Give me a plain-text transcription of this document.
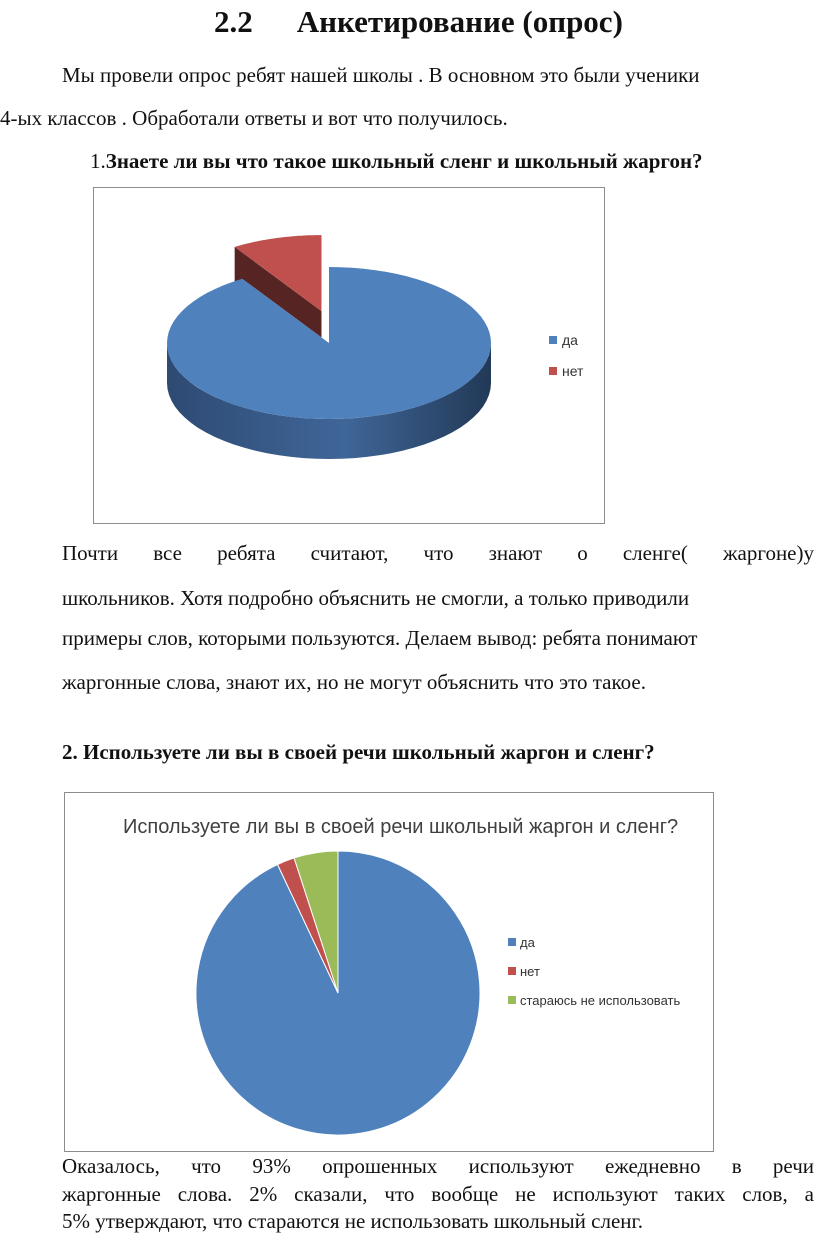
2.2 Анкетирование (опрос)
Мы провели опрос ребят нашей школы . В основном это были ученики
4-ых классов . Обработали ответы и вот что получилось.
1.Знаете ли вы что такое школьный сленг и школьный жаргон?
да
нет
Почти все ребята считают, что знают о сленге( жаргоне)у
школьников. Хотя подробно объяснить не смогли, а только приводили
примеры слов, которыми пользуются. Делаем вывод: ребята понимают
жаргонные слова, знают их, но не могут объяснить что это такое.
2. Используете ли вы в своей речи школьный жаргон и сленг?
Используете ли вы в своей речи школьный жаргон и сленг?
да
нет
стараюсь не использовать
Оказалось, что 93% опрошенных используют ежедневно в речи
жаргонные слова. 2% сказали, что вообще не используют таких слов, а
5% утверждают, что стараются не использовать школьный сленг.
